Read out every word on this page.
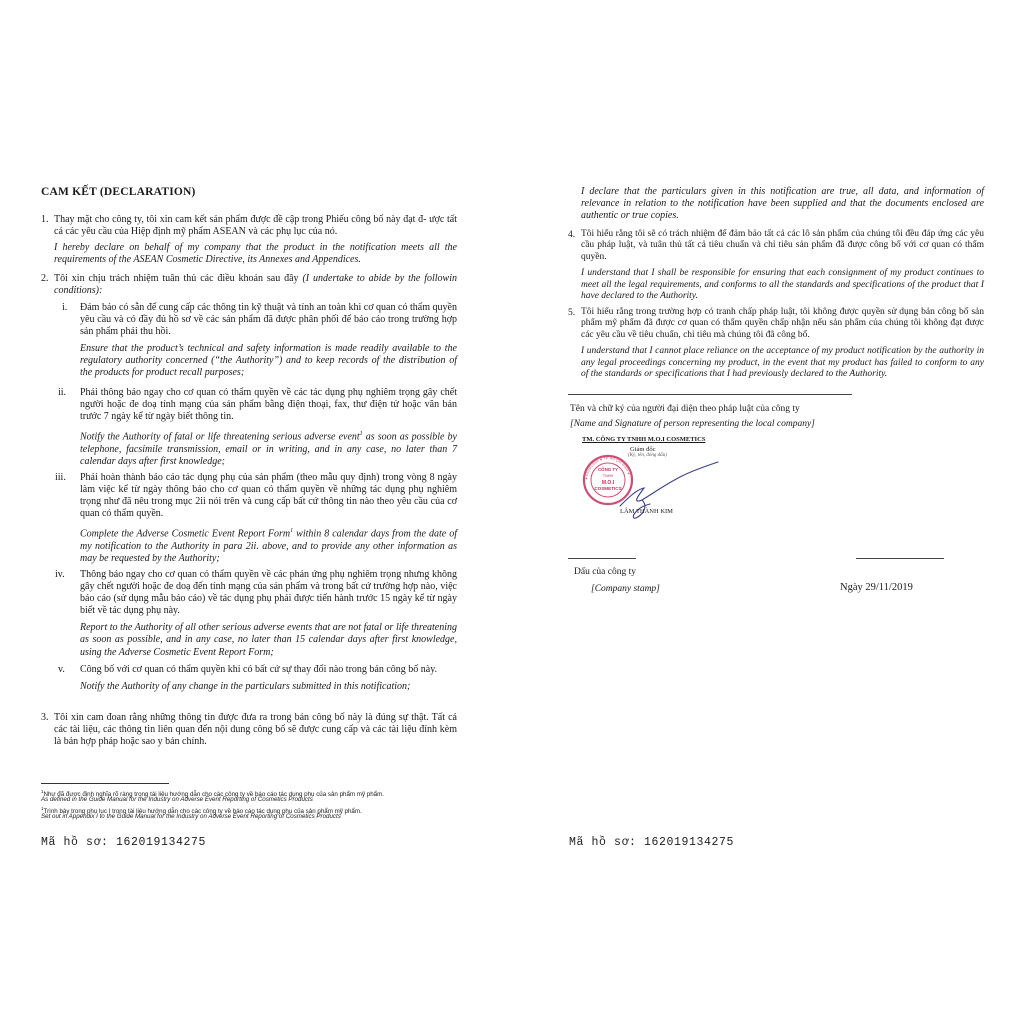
CAM KẾT (DECLARATION)
1. Thay mặt cho công ty, tôi xin cam kết sản phẩm được đề cập trong Phiếu công bố này đạt đ- ược tất cả các yêu cầu của Hiệp định mỹ phẩm ASEAN và các phụ lục của nó.
I hereby declare on behalf of my company that the product in the notification meets all the requirements of the ASEAN Cosmetic Directive, its Annexes and Appendices.
2. Tôi xin chịu trách nhiệm tuân thủ các điều khoản sau đây (I undertake to abide by the followin conditions):
i. Đảm bảo có sẵn để cung cấp các thông tin kỹ thuật và tính an toàn khi cơ quan có thẩm quyền yêu cầu và có đầy đủ hồ sơ về các sản phẩm đã được phân phối để báo cáo trong trường hợp sản phẩm phải thu hồi.
Ensure that the product’s technical and safety information is made readily available to the regulatory authority concerned (“the Authority”) and to keep records of the distribution of the products for product recall purposes;
ii. Phải thông báo ngay cho cơ quan có thẩm quyền về các tác dụng phụ nghiêm trọng gây chết người hoặc đe doạ tính mạng của sản phẩm bằng điện thoại, fax, thư điện tử hoặc văn bản trước 7 ngày kể từ ngày biết thông tin.
Notify the Authority of fatal or life threatening serious adverse event$^1$ as soon as possible by telephone, facsimile transmission, email or in writing, and in any case, no later than 7 calendar days after first knowledge;
iii. Phải hoàn thành báo cáo tác dụng phụ của sản phẩm (theo mẫu quy định) trong vòng 8 ngày làm việc kể từ ngày thông báo cho cơ quan có thẩm quyền về những tác dụng phụ nghiêm trọng như đã nêu trong mục 2ii nói trên và cung cấp bất cứ thông tin nào theo yêu cầu của cơ quan có thẩm quyền.
Complete the Adverse Cosmetic Event Report Form$^1$ within 8 calendar days from the date of my notification to the Authority in para 2ii. above, and to provide any other information as may be requested by the Authority;
iv. Thông báo ngay cho cơ quan có thẩm quyền về các phản ứng phụ nghiêm trọng nhưng không gây chết người hoặc đe doạ đến tính mạng của sản phẩm và trong bất cứ trường hợp nào, việc báo cáo (sử dụng mẫu báo cáo) về tác dụng phụ phải được tiến hành trước 15 ngày kể từ ngày biết về tác dụng phụ này.
Report to the Authority of all other serious adverse events that are not fatal or life threatening as soon as possible, and in any case, no later than 15 calendar days after first knowledge, using the Adverse Cosmetic Event Report Form;
v. Công bố với cơ quan có thẩm quyền khi có bất cứ sự thay đổi nào trong bản công bố này.
Notify the Authority of any change in the particulars submitted in this notification;
3. Tôi xin cam đoan rằng những thông tin được đưa ra trong bản công bố này là đúng sự thật. Tất cả các tài liệu, các thông tin liên quan đến nội dung công bố sẽ được cung cấp và các tài liệu đính kèm là bản hợp pháp hoặc sao y bản chính.
$^1$Như đã được định nghĩa rõ ràng trong tài liệu hướng dẫn cho các công ty về báo cáo tác dụng phụ của sản phẩm mỹ phẩm.
As defined in the Guide Manual for the Industry on Adverse Event Reporting of Cosmetics Products
$^1$Trình bày trong phụ lục I trong tài liệu hướng dẫn cho các công ty về báo cáo tác dụng phụ của sản phẩm mỹ phẩm.
Set out in Appendix I to the Guide Manual for the Industry on Adverse Event Reporting of Cosmetics Products
Mã hồ sơ: 162019134275
I declare that the particulars given in this notification are true, all data, and information of relevance in relation to the notification have been supplied and that the documents enclosed are authentic or true copies.
4. Tôi hiểu rằng tôi sẽ có trách nhiệm để đảm bảo tất cả các lô sản phẩm của chúng tôi đều đáp ứng các yêu cầu pháp luật, và tuân thủ tất cả tiêu chuẩn và chỉ tiêu sản phẩm đã được công bố với cơ quan có thẩm quyền.
I understand that I shall be responsible for ensuring that each consignment of my product continues to meet all the legal requirements, and conforms to all the standards and specifications of the product that I have declared to the Authority.
5. Tôi hiểu rằng trong trường hợp có tranh chấp pháp luật, tôi không được quyền sử dụng bản công bố sản phẩm mỹ phẩm đã được cơ quan có thẩm quyền chấp nhận nếu sản phẩm của chúng tôi không đạt được các yêu cầu về tiêu chuẩn, chỉ tiêu mà chúng tôi đã công bố.
I understand that I cannot place reliance on the acceptance of my product notification by the authority in any legal proceedings concerning my product, in the event that my product has failed to conform to any of the standards or specifications that I had previously declared to the Authority.
Tên và chữ ký của người đại diện theo pháp luật của công ty
[Name and Signature of person representing the local company]
TM. CÔNG TY TNHH M.O.I COSMETICS
Giám đốc
(Ký, tên, đóng dấu)
★ 0315613045 ★ TP. HỒ CHÍ MINH ★
CÔNG TY
TNHH
M.O.I
COSMETICS
LÂM THÀNH KIM
Dấu của công ty
[Company stamp]	Ngày 29/11/2019
Mã hồ sơ: 162019134275
